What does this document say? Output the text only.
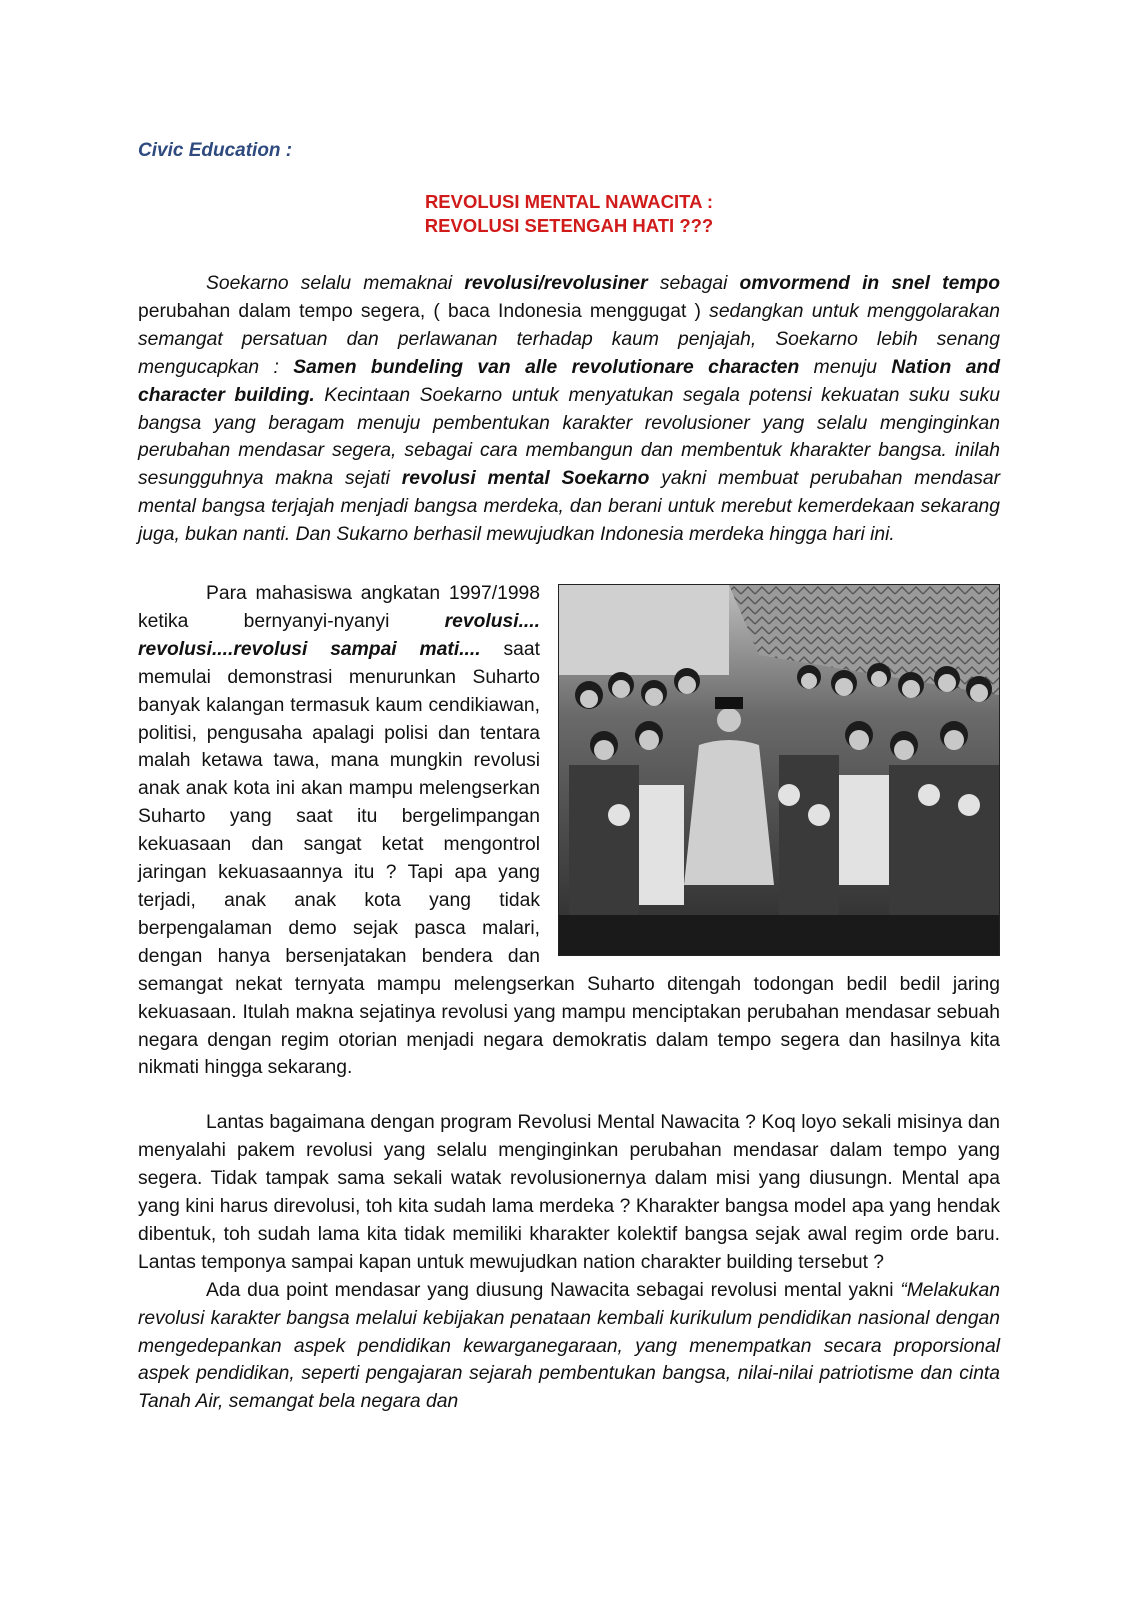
Civic Education :
REVOLUSI MENTAL NAWACITA :
REVOLUSI SETENGAH HATI ???

Soekarno selalu memaknai revolusi/revolusiner sebagai omvormend in snel tempo perubahan dalam tempo segera, ( baca Indonesia menggugat ) sedangkan untuk menggolarakan semangat persatuan dan perlawanan terhadap kaum penjajah, Soekarno lebih senang mengucapkan : Samen bundeling van alle revolutionare characten menuju Nation and character building. Kecintaan Soekarno untuk menyatukan segala potensi kekuatan suku suku bangsa yang beragam menuju pembentukan karakter revolusioner yang selalu menginginkan perubahan mendasar segera, sebagai cara membangun dan membentuk kharakter bangsa. inilah sesungguhnya makna sejati revolusi mental Soekarno yakni membuat perubahan mendasar mental bangsa terjajah menjadi bangsa merdeka, dan berani untuk merebut kemerdekaan sekarang juga, bukan nanti. Dan Sukarno berhasil mewujudkan Indonesia merdeka hingga hari ini.

Para mahasiswa angkatan 1997/1998 ketika bernyanyi-nyanyi revolusi.... revolusi....revolusi sampai mati.... saat memulai demonstrasi menurunkan Suharto banyak kalangan termasuk kaum cendikiawan, politisi, pengusaha apalagi polisi dan tentara malah ketawa tawa, mana mungkin revolusi anak anak kota ini akan mampu melengserkan Suharto yang saat itu bergelimpangan kekuasaan dan sangat ketat mengontrol jaringan kekuasaannya itu ? Tapi apa yang terjadi, anak anak kota yang tidak berpengalaman demo sejak pasca malari, dengan hanya bersenjatakan bendera dan semangat nekat ternyata mampu melengserkan Suharto ditengah todongan bedil bedil jaring kekuasaan. Itulah makna sejatinya revolusi yang mampu menciptakan perubahan mendasar sebuah negara dengan regim otorian menjadi negara demokratis dalam tempo segera dan hasilnya kita nikmati hingga sekarang.

Lantas bagaimana dengan program Revolusi Mental Nawacita ? Koq loyo sekali misinya dan menyalahi pakem revolusi yang selalu menginginkan perubahan mendasar dalam tempo yang segera. Tidak tampak sama sekali watak revolusionernya dalam misi yang diusungn. Mental apa yang kini harus direvolusi, toh kita sudah lama merdeka ? Kharakter bangsa model apa yang hendak dibentuk, toh sudah lama kita tidak memiliki kharakter kolektif bangsa sejak awal regim orde baru. Lantas temponya sampai kapan untuk mewujudkan nation charakter building tersebut ?

Ada dua point mendasar yang diusung Nawacita sebagai revolusi mental yakni “Melakukan revolusi karakter bangsa melalui kebijakan penataan kembali kurikulum pendidikan nasional dengan mengedepankan aspek pendidikan kewarganegaraan, yang menempatkan secara proporsional aspek pendidikan, seperti pengajaran sejarah pembentukan bangsa, nilai-nilai patriotisme dan cinta Tanah Air, semangat bela negara dan
